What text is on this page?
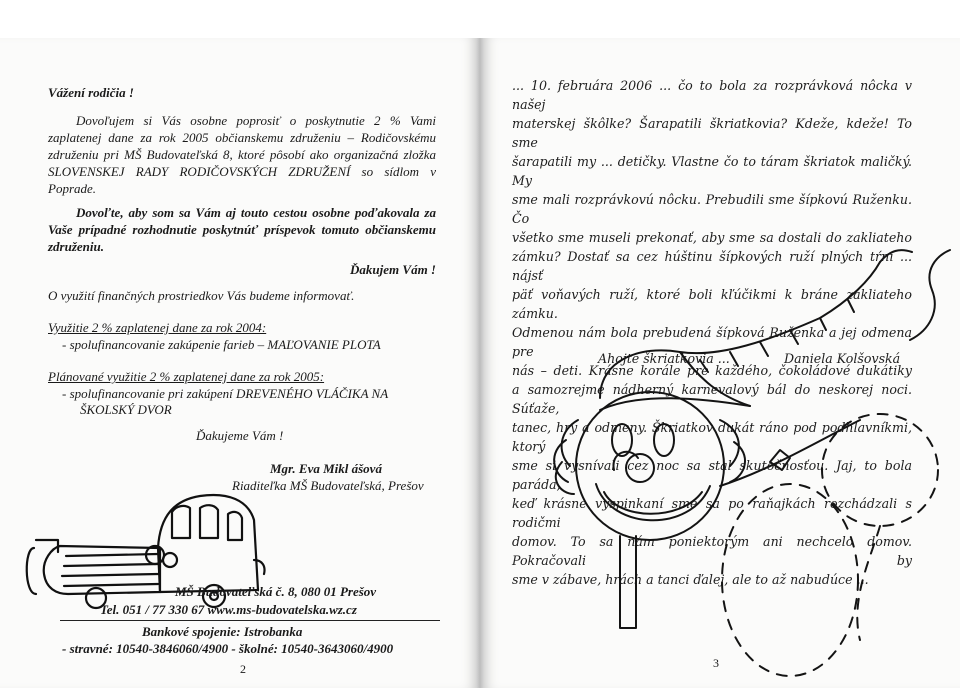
Vážení rodičia !
Dovoľujem si Vás osobne poprosiť o poskytnutie 2 % Vami zaplatenej dane za rok 2005 občianskemu združeniu – Rodičovskému združeniu pri MŠ Budovateľská 8, ktoré pôsobí ako organizačná zložka SLOVENSKEJ RADY RODIČOVSKÝCH ZDRUŽENÍ so sídlom v Poprade.
Dovoľte, aby som sa Vám aj touto cestou osobne poďakovala za Vaše prípadné rozhodnutie poskytnúť príspevok tomuto občianskemu združeniu.
Ďakujem Vám !
O využití finančných prostriedkov Vás budeme informovať.
Využitie 2 % zaplatenej dane za rok 2004:
- spolufinancovanie zakúpenie farieb – MAĽOVANIE PLOTA
Plánované využitie 2 % zaplatenej dane za rok 2005:
- spolufinancovanie pri zakúpení DREVENÉHO VLÁČIKA NA
ŠKOLSKÝ DVOR
Ďakujeme Vám !
Mgr. Eva Mikl ášová
Riaditeľka MŠ Budovateľská, Prešov
MŠ Budovateľská č. 8, 080 01 Prešov
Tel. 051 / 77 330 67 www.ms-budovatelska.wz.cz
Bankové spojenie: Istrobanka
- stravné: 10540-3846060/4900 - školné: 10540-3643060/4900
2
... 10. februára 2006 ... čo to bola za rozprávková nôcka v našej
materskej škôlke? Šarapatili škriatkovia? Kdeže, kdeže! To sme
šarapatili my ... detičky. Vlastne čo to táram škriatok maličký. My
sme mali rozprávkovú nôcku. Prebudili sme šípkovú Ruženku. Čo
všetko sme museli prekonať, aby sme sa dostali do zakliateho
zámku? Dostať sa cez húštinu šípkových ruží plných tŕní ... nájsť
päť voňavých ruží, ktoré boli kľúčikmi k bráne zakliateho zámku.
Odmenou nám bola prebudená šípková Ruženka a jej odmena pre
nás – deti. Krásne korále pre každého, čokoládové dukátiky
a samozrejme nádherný karnevalový bál do neskorej noci. Súťaže,
tanec, hry a odmeny. Škriatkov dukát ráno pod podhlavníkmi, ktorý
sme si vysnívali cez noc sa stal skutočnosťou. Jaj, to bola paráda,
keď krásne vyspinkaní sme sa po raňajkách rozchádzali s rodičmi
domov. To sa nám poniektorým ani nechcelo domov. Pokračovali by
sme v zábave, hrách a tanci ďalej, ale to až nabudúce ...
Ahojte škriatkovia ...	Daniela Kolšovská
3
